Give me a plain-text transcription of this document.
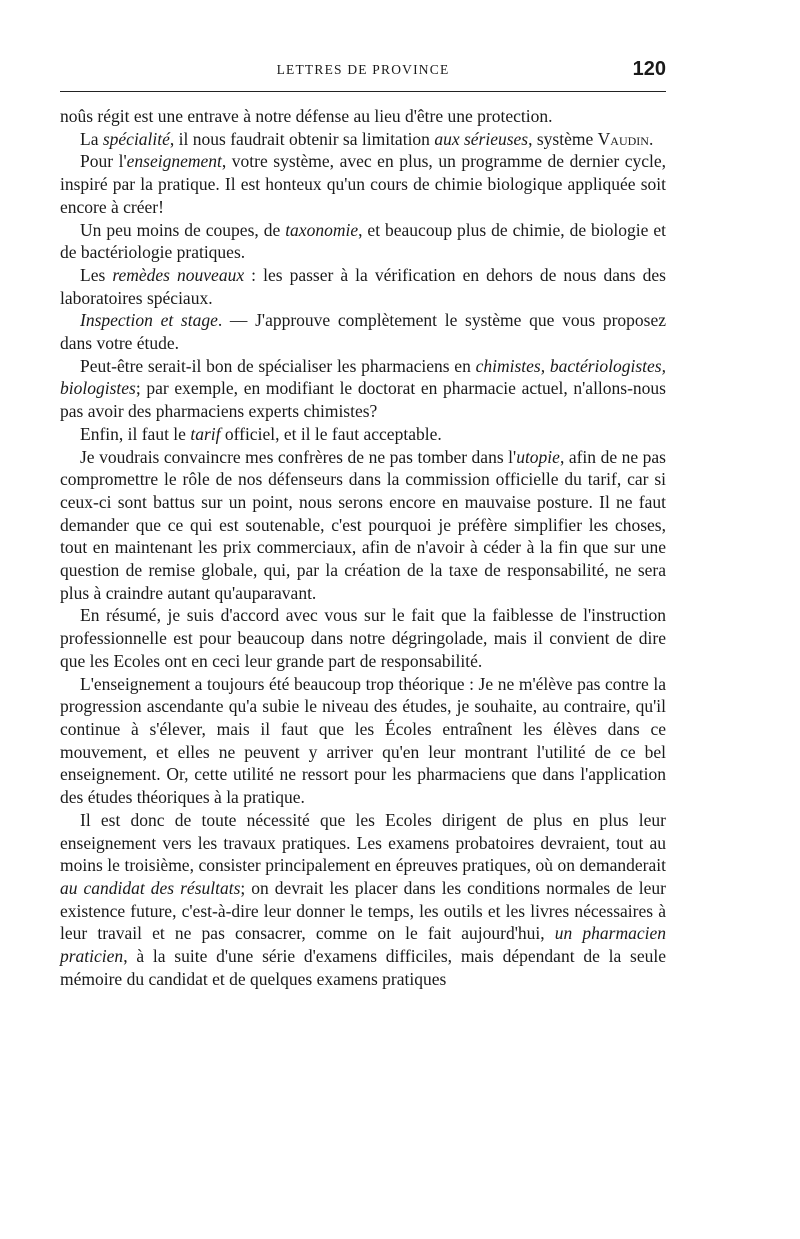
LETTRES DE PROVINCE	120

noûs régit est une entrave à notre défense au lieu d'être une protection.

La spécialité, il nous faudrait obtenir sa limitation aux sérieuses, système Vaudin.

Pour l'enseignement, votre système, avec en plus, un programme de dernier cycle, inspiré par la pratique. Il est honteux qu'un cours de chimie biologique appliquée soit encore à créer!

Un peu moins de coupes, de taxonomie, et beaucoup plus de chimie, de biologie et de bactériologie pratiques.

Les remèdes nouveaux : les passer à la vérification en dehors de nous dans des laboratoires spéciaux.

Inspection et stage. — J'approuve complètement le système que vous proposez dans votre étude.

Peut-être serait-il bon de spécialiser les pharmaciens en chimistes, bactériologistes, biologistes; par exemple, en modifiant le doctorat en pharmacie actuel, n'allons-nous pas avoir des pharmaciens experts chimistes?

Enfin, il faut le tarif officiel, et il le faut acceptable.

Je voudrais convaincre mes confrères de ne pas tomber dans l'utopie, afin de ne pas compromettre le rôle de nos défenseurs dans la commission officielle du tarif, car si ceux-ci sont battus sur un point, nous serons encore en mauvaise posture. Il ne faut demander que ce qui est soutenable, c'est pourquoi je préfère simplifier les choses, tout en maintenant les prix commerciaux, afin de n'avoir à céder à la fin que sur une question de remise globale, qui, par la création de la taxe de responsabilité, ne sera plus à craindre autant qu'auparavant.

En résumé, je suis d'accord avec vous sur le fait que la faiblesse de l'instruction professionnelle est pour beaucoup dans notre dégringolade, mais il convient de dire que les Ecoles ont en ceci leur grande part de responsabilité.

L'enseignement a toujours été beaucoup trop théorique : Je ne m'élève pas contre la progression ascendante qu'a subie le niveau des études, je souhaite, au contraire, qu'il continue à s'élever, mais il faut que les Écoles entraînent les élèves dans ce mouvement, et elles ne peuvent y arriver qu'en leur montrant l'utilité de ce bel enseignement. Or, cette utilité ne ressort pour les pharmaciens que dans l'application des études théoriques à la pratique.

Il est donc de toute nécessité que les Ecoles dirigent de plus en plus leur enseignement vers les travaux pratiques. Les examens probatoires devraient, tout au moins le troisième, consister principalement en épreuves pratiques, où on demanderait au candidat des résultats; on devrait les placer dans les conditions normales de leur existence future, c'est-à-dire leur donner le temps, les outils et les livres nécessaires à leur travail et ne pas consacrer, comme on le fait aujourd'hui, un pharmacien praticien, à la suite d'une série d'examens difficiles, mais dépendant de la seule mémoire du candidat et de quelques examens pratiques
